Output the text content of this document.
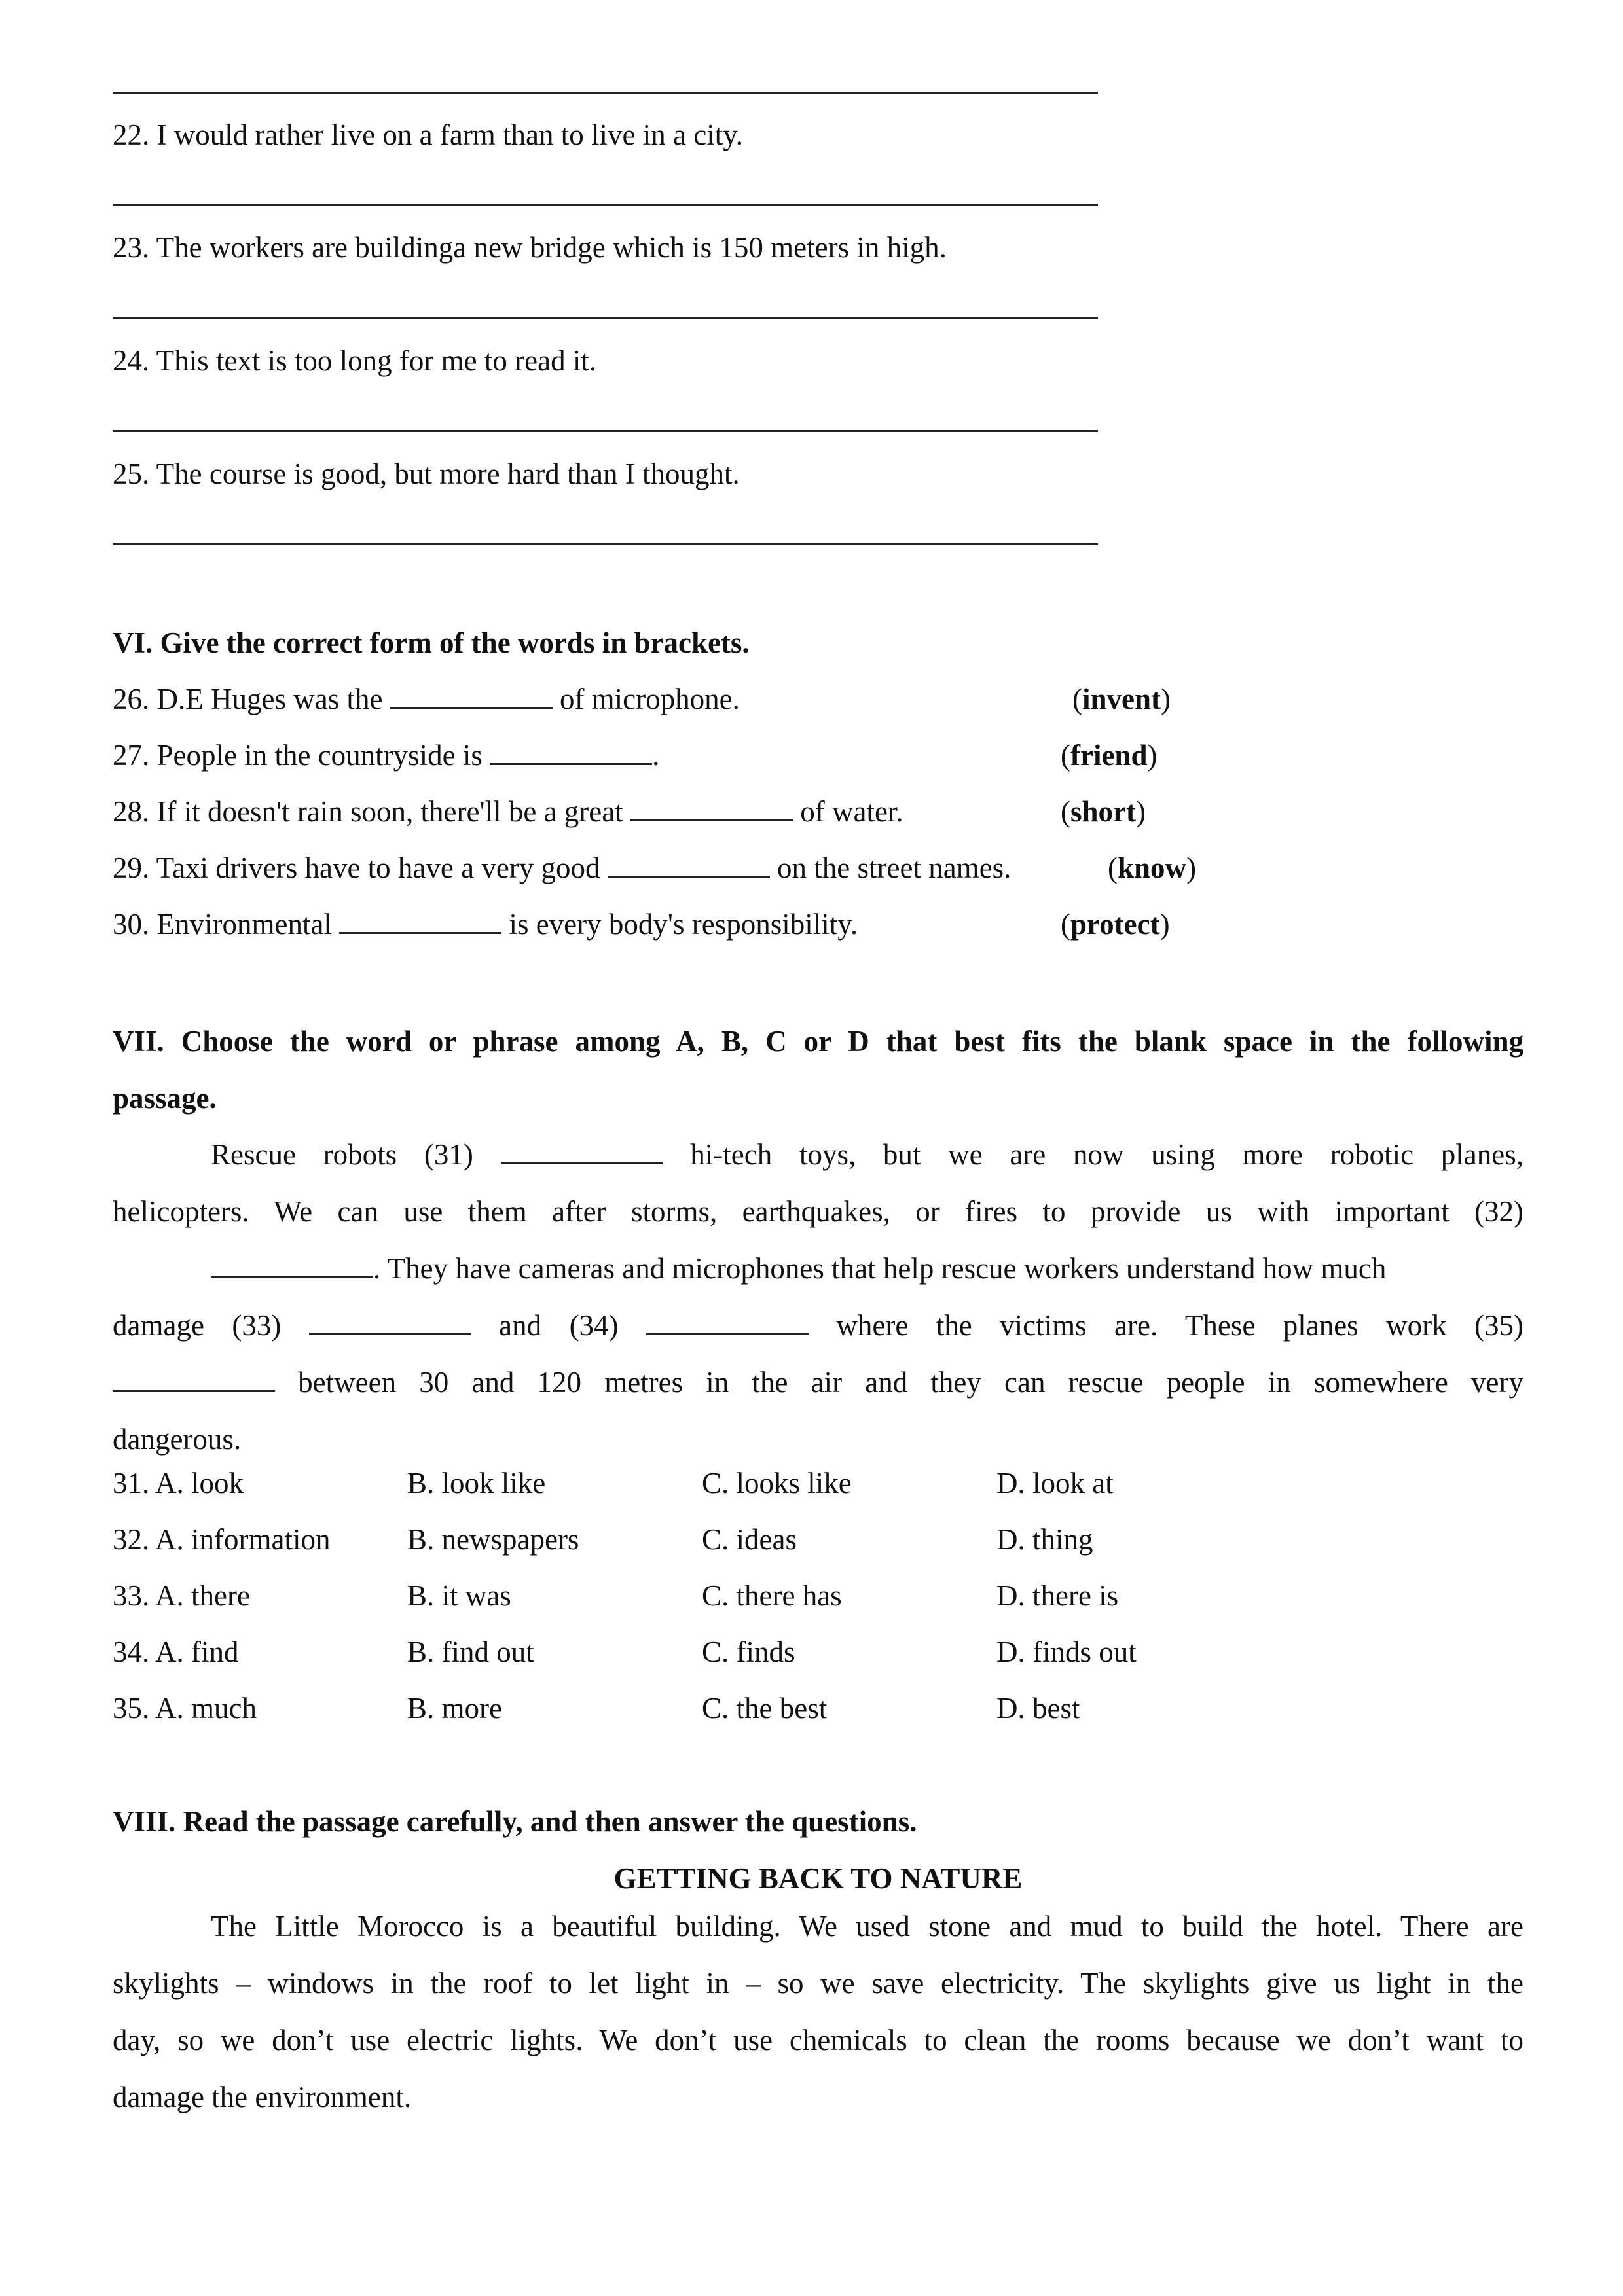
22. I would rather live on a farm than to live in a city.
23. The workers are buildinga new bridge which is 150 meters in high.
24. This text is too long for me to read it.
25. The course is good, but more hard than I thought.
VI. Give the correct form of the words in brackets.
26. D.E Huges was the	of microphone.	(invent)
27. People in the countryside is	.	(friend)
28. If it doesn't rain soon, there'll be a great	of water.	(short)
29. Taxi drivers have to have a very good	on the street names.	(know)
30. Environmental	is every body's responsibility.	(protect)
VII. Choose the word or phrase among A, B, C or D that best fits the blank space in the following
passage.
Rescue robots (31)	hi-tech toys, but we are now using more robotic planes,
helicopters. We can use them after storms, earthquakes, or fires to provide us with important (32)
. They have cameras and microphones that help rescue workers understand how much
damage (33)	and (34)	where the victims are. These planes work (35)
between 30 and 120 metres in the air and they can rescue people in somewhere very
dangerous.
31. A. look	B. look like	C. looks like	D. look at
32. A. information	B. newspapers	C. ideas	D. thing
33. A. there	B. it was	C. there has	D. there is
34. A. find	B. find out	C. finds	D. finds out
35. A. much	B. more	C. the best	D. best
VIII. Read the passage carefully, and then answer the questions.
GETTING BACK TO NATURE
The Little Morocco is a beautiful building. We used stone and mud to build the hotel. There are
skylights – windows in the roof to let light in – so we save electricity. The skylights give us light in the
day, so we don’t use electric lights. We don’t use chemicals to clean the rooms because we don’t want to
damage the environment.
